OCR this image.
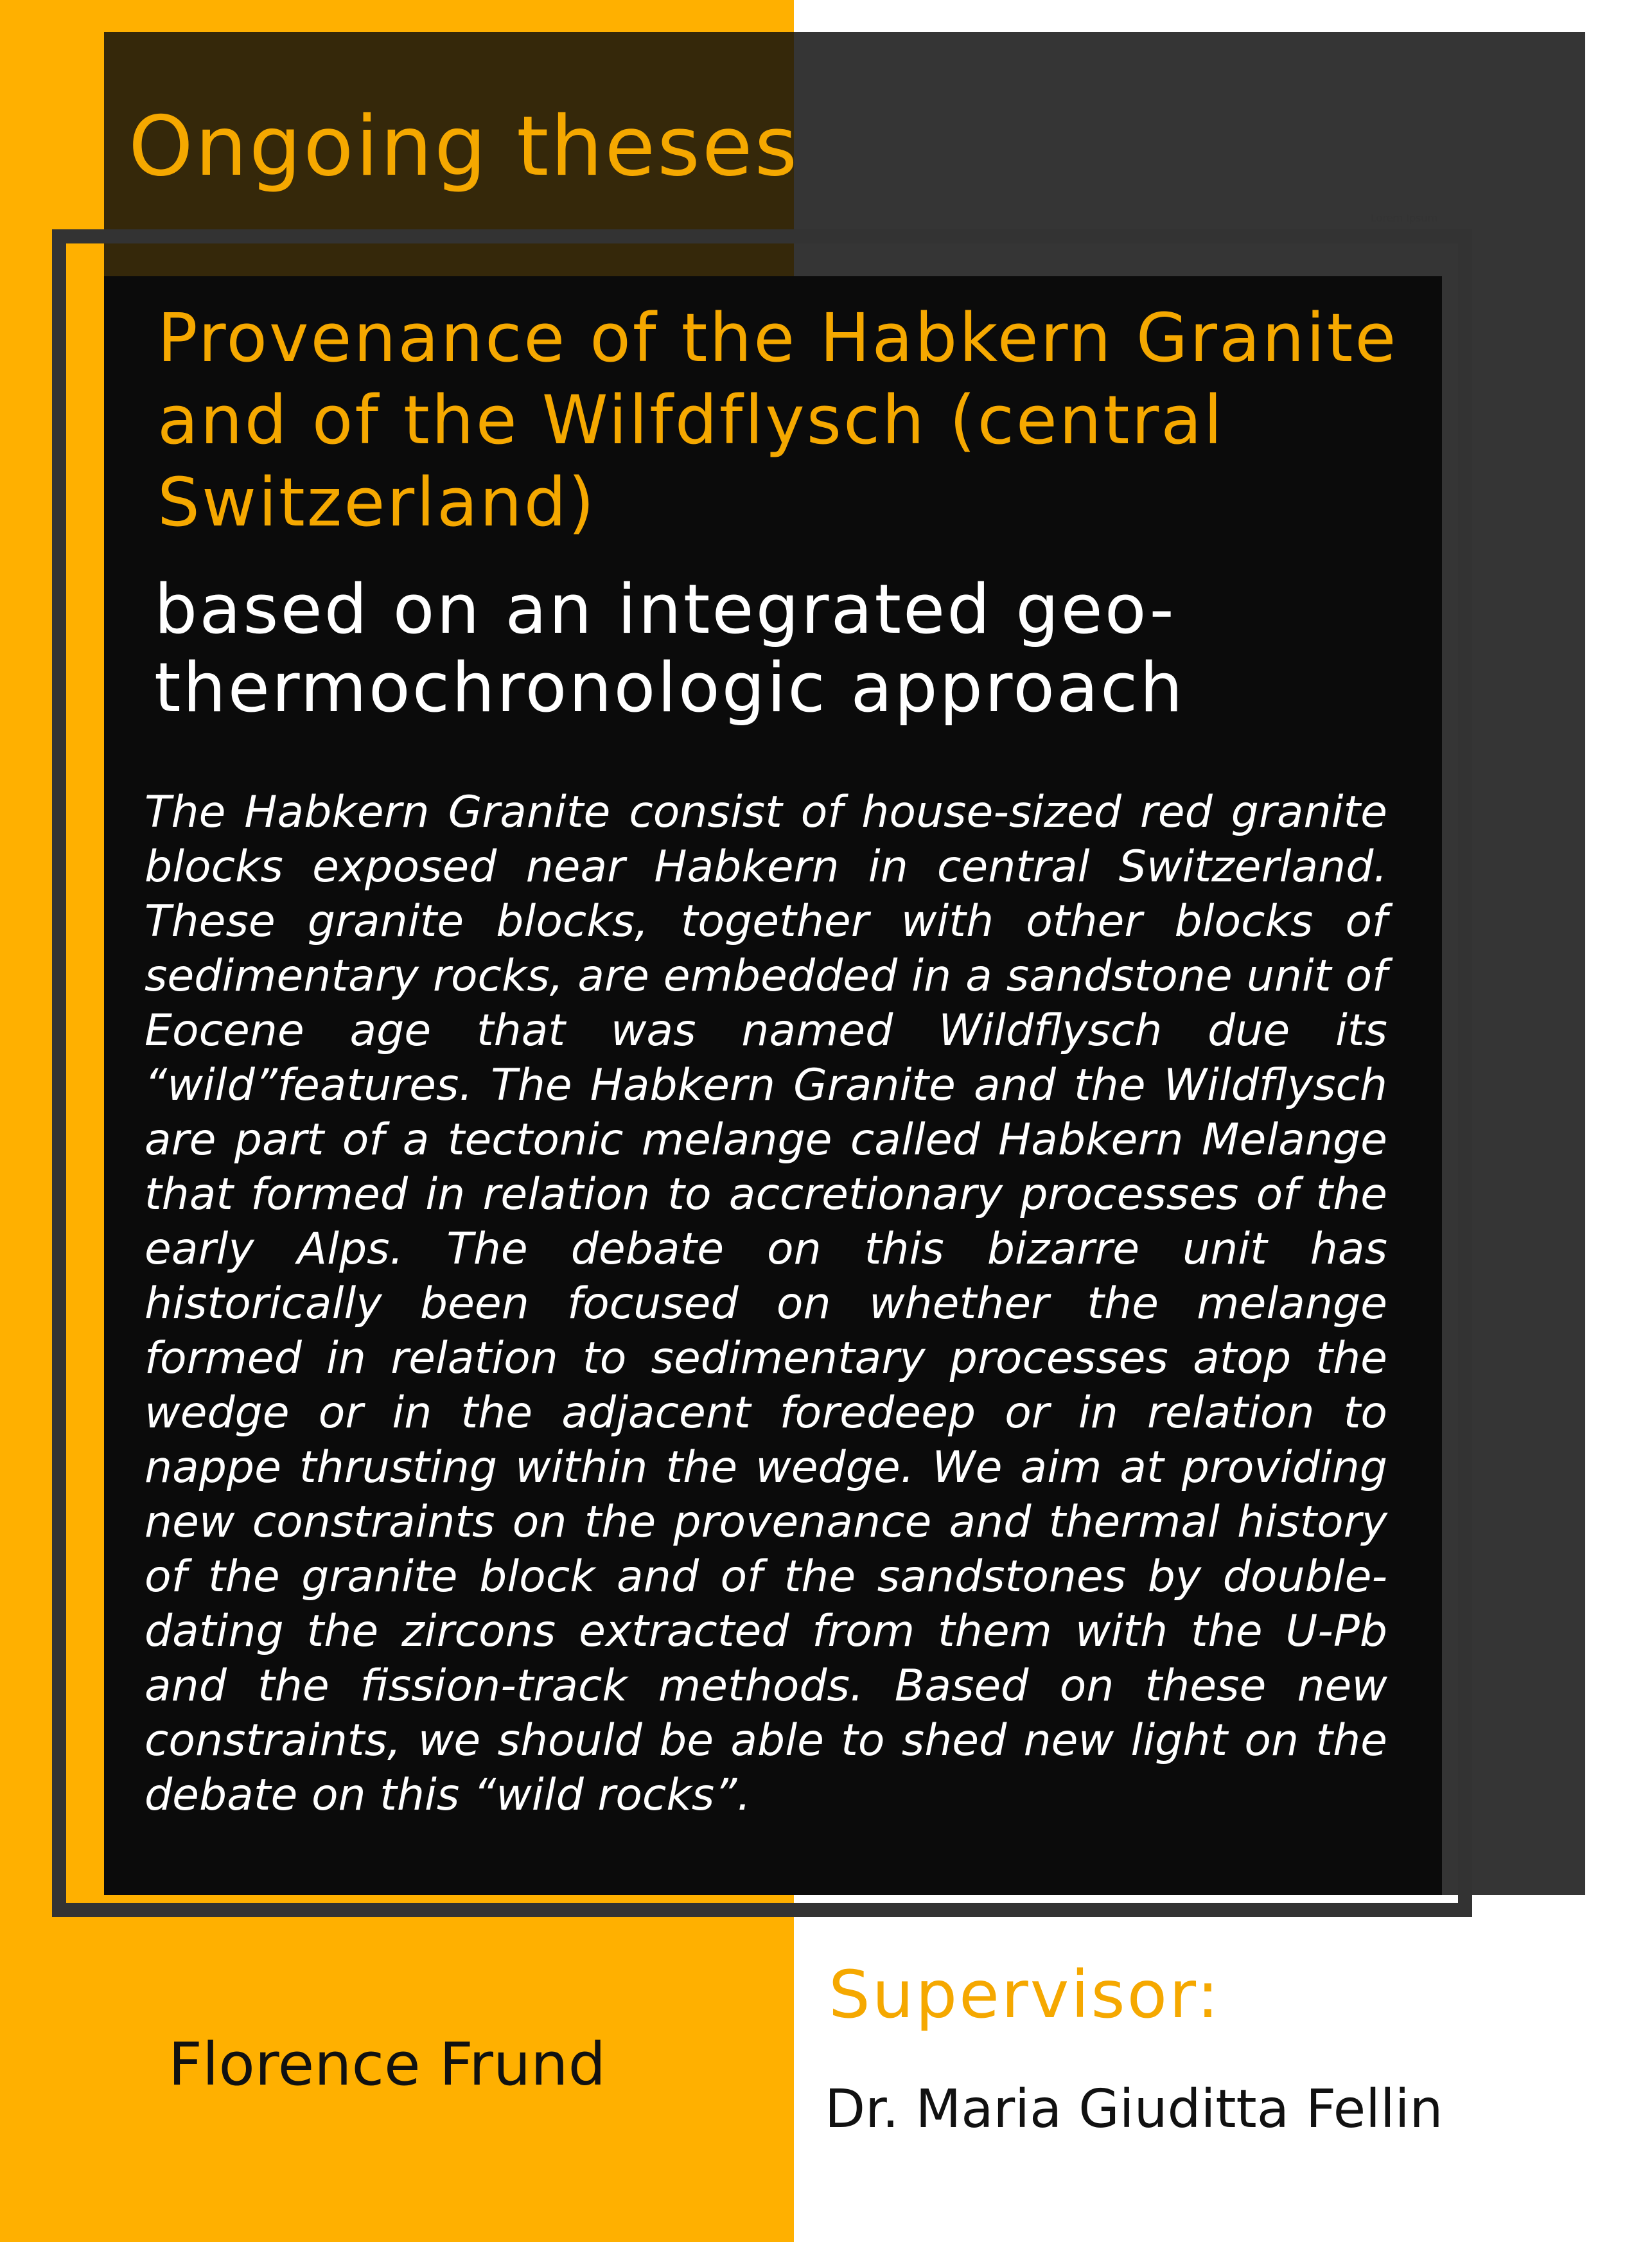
Ongoing theses
Lorem Ipsum
Provenance of the Habkern Granite and of the Wilfdflysch (central Switzerland)
based on an integrated geo-thermochronologic approach

The Habkern Granite consist of house-sized red granite blocks exposed near Habkern in central Switzerland. These granite blocks, together with other blocks of sedimentary rocks, are embedded in a sandstone unit of Eocene age that was named Wildflysch due its “wild”features. The Habkern Granite and the Wildflysch are part of a tectonic melange called Habkern Melange that formed in relation to accretionary processes of the early Alps. The debate on this bizarre unit has historically been focused on whether the melange formed in relation to sedimentary processes atop the wedge or in the adjacent foredeep or in relation to nappe thrusting within the wedge. We aim at providing new constraints on the provenance and thermal history of the granite block and of the sandstones by double-dating the zircons extracted from them with the U-Pb and the fission-track methods. Based on these new constraints, we should be able to shed new light on the debate on this “wild rocks”.

Florence Frund

Supervisor:

Dr. Maria Giuditta Fellin
